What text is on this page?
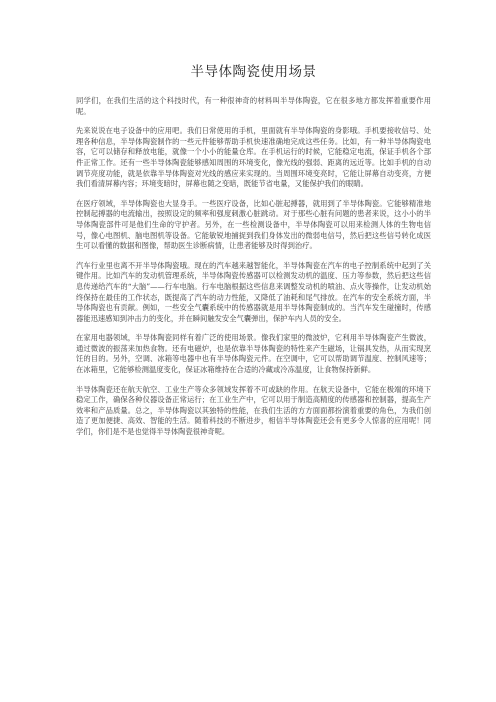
半导体陶瓷使用场景

同学们，在我们生活的这个科技时代，有一种很神奇的材料叫半导体陶瓷，它在很多地方都发挥着重要作用呢。

先来说说在电子设备中的应用吧。我们日常使用的手机，里面就有半导体陶瓷的身影哦。手机要接收信号、处理各种信息，半导体陶瓷制作的一些元件能够帮助手机快速准确地完成这些任务。比如，有一种半导体陶瓷电容，它可以储存和释放电能，就像一个小小的能量仓库。在手机运行的时候，它能稳定电流，保证手机各个部件正常工作。还有一些半导体陶瓷能够感知周围的环境变化，像光线的强弱、距离的远近等。比如手机的自动调节亮度功能，就是依靠半导体陶瓷对光线的感应来实现的。当周围环境变亮时，它能让屏幕自动变亮，方便我们看清屏幕内容；环境变暗时，屏幕也随之变暗，既能节省电量，又能保护我们的眼睛。

在医疗领域，半导体陶瓷也大显身手。一些医疗设备，比如心脏起搏器，就用到了半导体陶瓷。它能够精准地控制起搏器的电流输出，按照设定的频率和强度刺激心脏跳动。对于那些心脏有问题的患者来说，这小小的半导体陶瓷部件可是他们生命的守护者。另外，在一些检测设备中，半导体陶瓷可以用来检测人体的生物电信号，像心电图机、脑电图机等设备。它能敏锐地捕捉到我们身体发出的微弱电信号，然后把这些信号转化成医生可以看懂的数据和图像，帮助医生诊断病情，让患者能够及时得到治疗。

汽车行业里也离不开半导体陶瓷哦。现在的汽车越来越智能化，半导体陶瓷在汽车的电子控制系统中起到了关键作用。比如汽车的发动机管理系统，半导体陶瓷传感器可以检测发动机的温度、压力等参数，然后把这些信息传递给汽车的“大脑”——行车电脑。行车电脑根据这些信息来调整发动机的喷油、点火等操作，让发动机始终保持在最佳的工作状态，既提高了汽车的动力性能，又降低了油耗和尾气排放。在汽车的安全系统方面，半导体陶瓷也有贡献。例如，一些安全气囊系统中的传感器就是用半导体陶瓷制成的。当汽车发生碰撞时，传感器能迅速感知到冲击力的变化，并在瞬间触发安全气囊弹出，保护车内人员的安全。

在家用电器领域，半导体陶瓷同样有着广泛的使用场景。像我们家里的微波炉，它利用半导体陶瓷产生微波，通过微波的振荡来加热食物。还有电磁炉，也是依靠半导体陶瓷的特性来产生磁场，让锅具发热，从而实现烹饪的目的。另外，空调、冰箱等电器中也有半导体陶瓷元件。在空调中，它可以帮助调节温度、控制风速等；在冰箱里，它能够检测温度变化，保证冰箱维持在合适的冷藏或冷冻温度，让食物保持新鲜。

半导体陶瓷还在航天航空、工业生产等众多领域发挥着不可或缺的作用。在航天设备中，它能在极端的环境下稳定工作，确保各种仪器设备正常运行；在工业生产中，它可以用于制造高精度的传感器和控制器，提高生产效率和产品质量。总之，半导体陶瓷以其独特的性能，在我们生活的方方面面都扮演着重要的角色，为我们创造了更加便捷、高效、智能的生活。随着科技的不断进步，相信半导体陶瓷还会有更多令人惊喜的应用呢！同学们，你们是不是也觉得半导体陶瓷很神奇呢。
